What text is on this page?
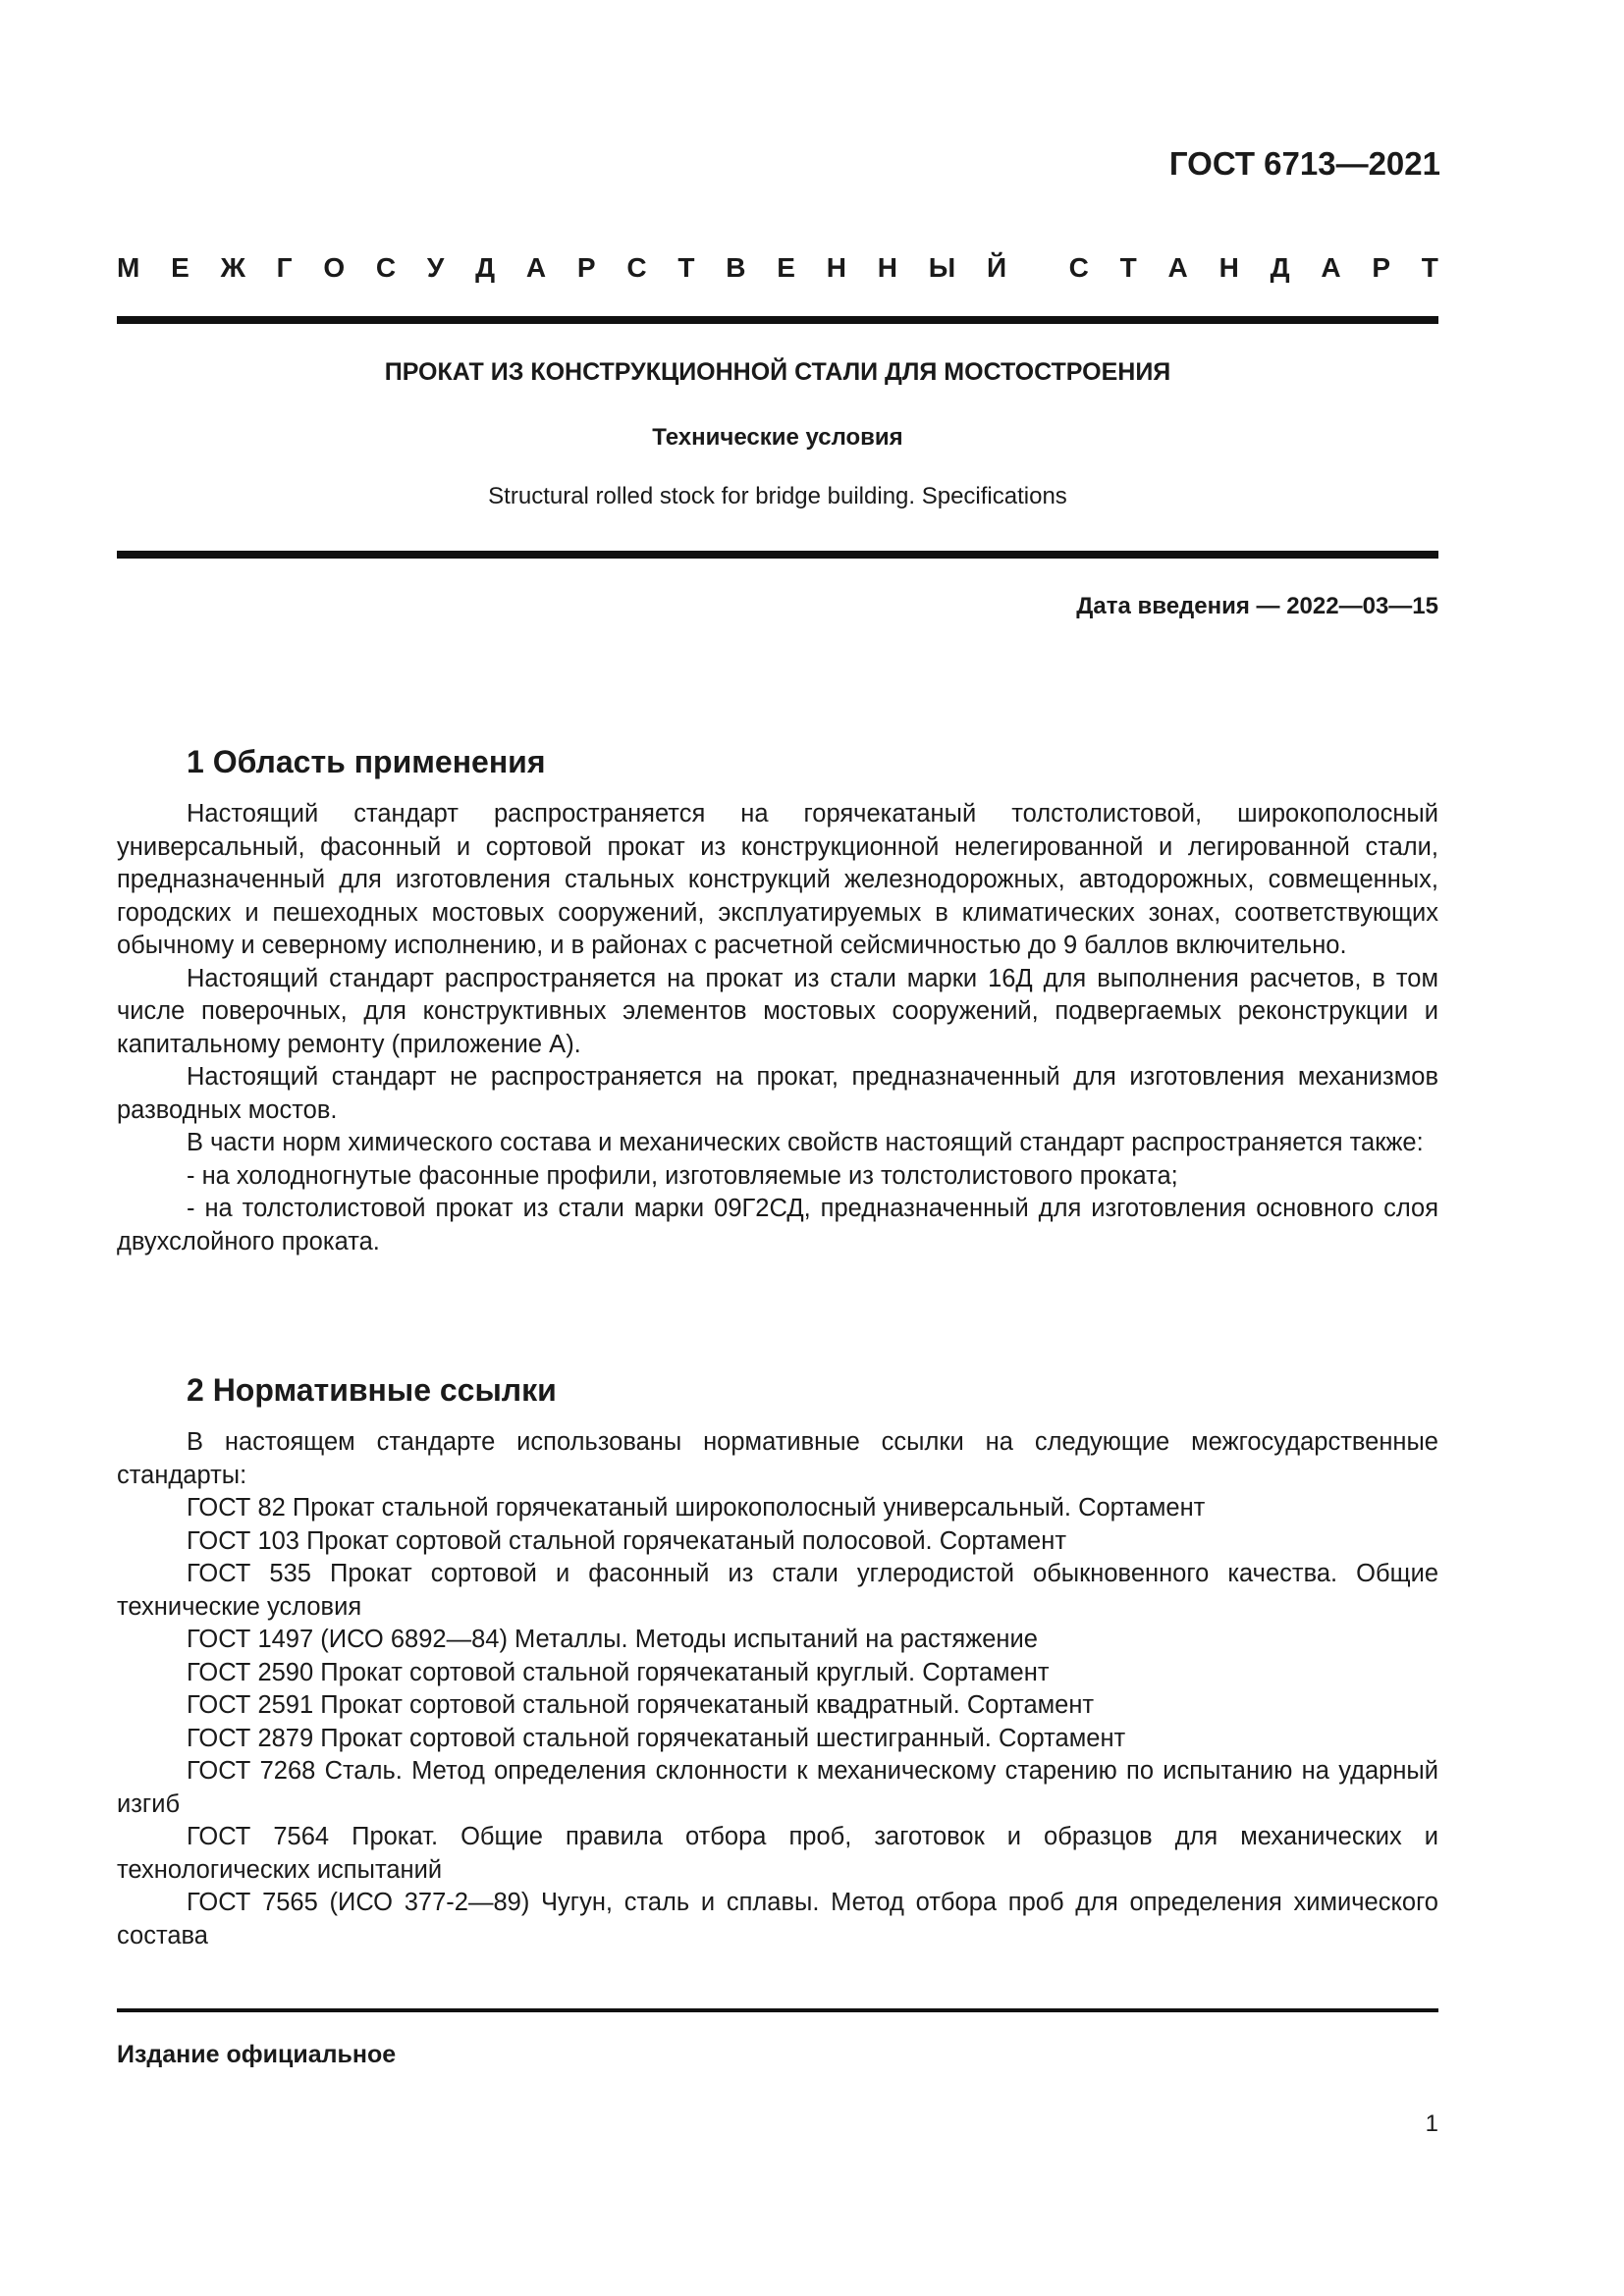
ГОСТ 6713—2021
М Е Ж Г О С У Д А Р С Т В Е Н Н Ы Й С Т А Н Д А Р Т
ПРОКАТ ИЗ КОНСТРУКЦИОННОЙ СТАЛИ ДЛЯ МОСТОСТРОЕНИЯ
Технические условия
Structural rolled stock for bridge building. Specifications
Дата введения — 2022—03—15
1 Область применения

Настоящий стандарт распространяется на горячекатаный толстолистовой, широкополосный универсальный, фасонный и сортовой прокат из конструкционной нелегированной и легированной стали, предназначенный для изготовления стальных конструкций железнодорожных, автодорожных, совмещенных, городских и пешеходных мостовых сооружений, эксплуатируемых в климатических зонах, соответствующих обычному и северному исполнению, и в районах с расчетной сейсмичностью до 9 баллов включительно.

Настоящий стандарт распространяется на прокат из стали марки 16Д для выполнения расчетов, в том числе поверочных, для конструктивных элементов мостовых сооружений, подвергаемых реконструкции и капитальному ремонту (приложение А).

Настоящий стандарт не распространяется на прокат, предназначенный для изготовления механизмов разводных мостов.

В части норм химического состава и механических свойств настоящий стандарт распространяется также:

- на холодногнутые фасонные профили, изготовляемые из толстолистового проката;

- на толстолистовой прокат из стали марки 09Г2СД, предназначенный для изготовления основного слоя двухслойного проката.

2 Нормативные ссылки

В настоящем стандарте использованы нормативные ссылки на следующие межгосударственные стандарты:

ГОСТ 82 Прокат стальной горячекатаный широкополосный универсальный. Сортамент

ГОСТ 103 Прокат сортовой стальной горячекатаный полосовой. Сортамент

ГОСТ 535 Прокат сортовой и фасонный из стали углеродистой обыкновенного качества. Общие технические условия

ГОСТ 1497 (ИСО 6892—84) Металлы. Методы испытаний на растяжение

ГОСТ 2590 Прокат сортовой стальной горячекатаный круглый. Сортамент

ГОСТ 2591 Прокат сортовой стальной горячекатаный квадратный. Сортамент

ГОСТ 2879 Прокат сортовой стальной горячекатаный шестигранный. Сортамент

ГОСТ 7268 Сталь. Метод определения склонности к механическому старению по испытанию на ударный изгиб

ГОСТ 7564 Прокат. Общие правила отбора проб, заготовок и образцов для механических и технологических испытаний

ГОСТ 7565 (ИСО 377-2—89) Чугун, сталь и сплавы. Метод отбора проб для определения химического состава

Издание официальное
1
